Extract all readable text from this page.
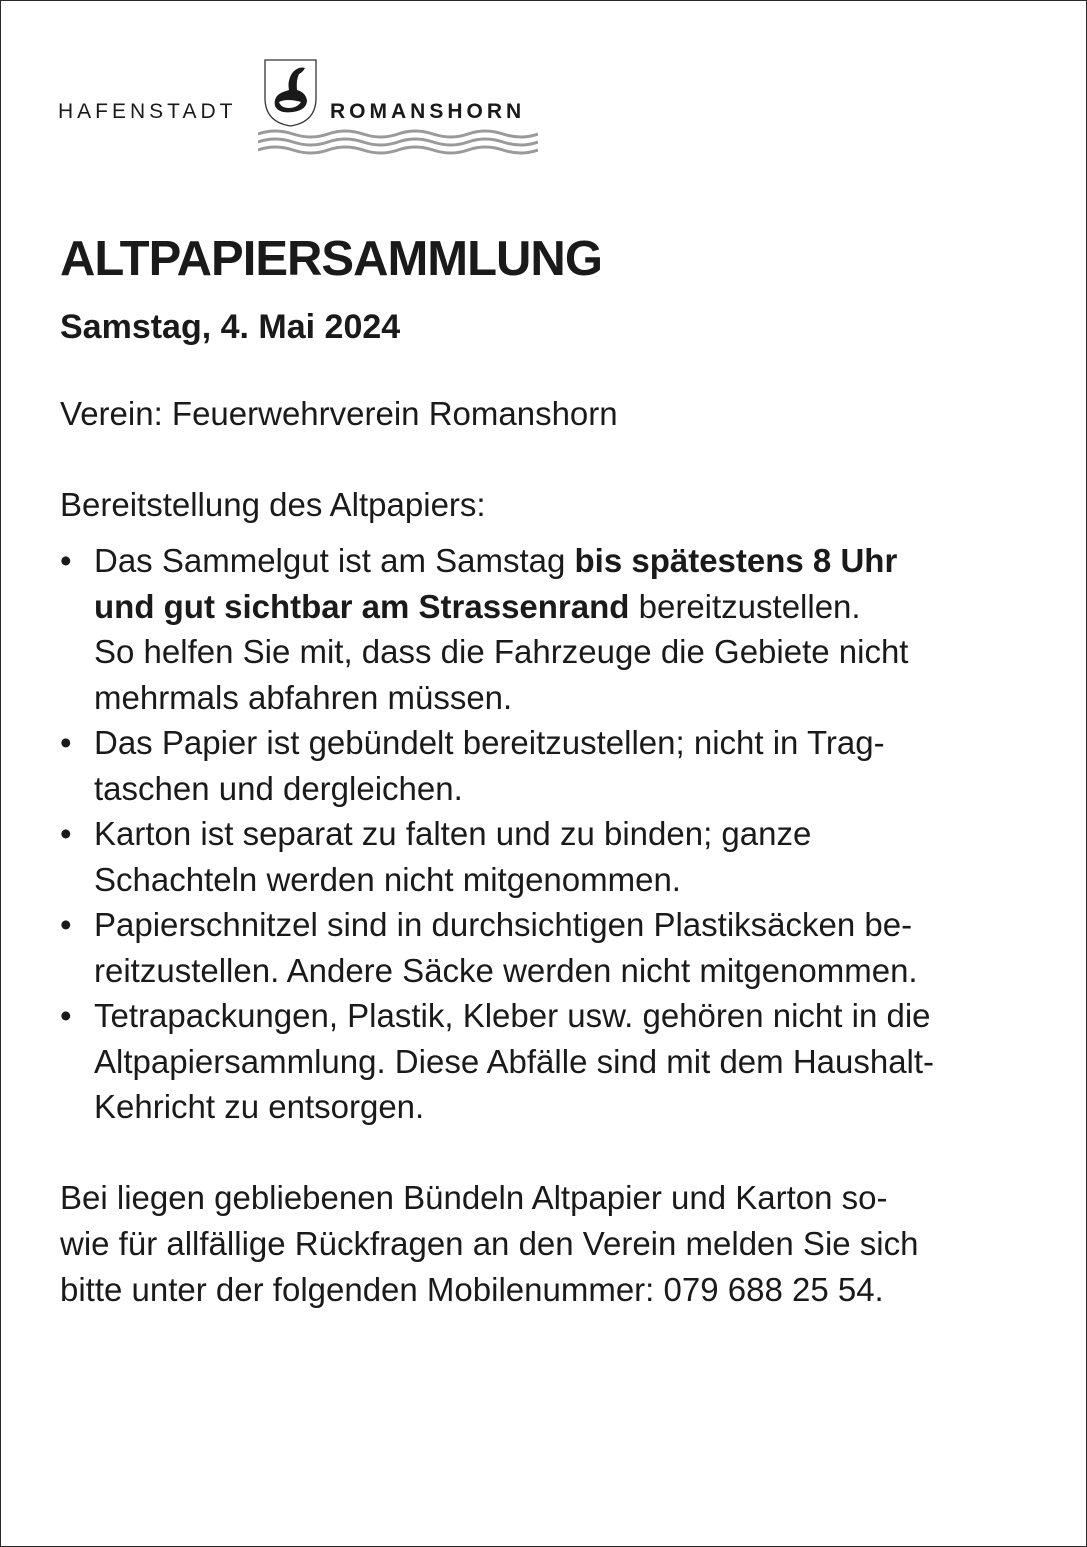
HAFENSTADT	ROMANSHORN
ALTPAPIERSAMMLUNG
Samstag, 4. Mai 2024

Verein: Feuerwehrverein Romanshorn

Bereitstellung des Altpapiers:

• Das Sammelgut ist am Samstag bis spätestens 8 Uhr
und gut sichtbar am Strassenrand bereitzustellen.
So helfen Sie mit, dass die Fahrzeuge die Gebiete nicht
mehrmals abfahren müssen.
• Das Papier ist gebündelt bereitzustellen; nicht in Trag-
taschen und dergleichen.
• Karton ist separat zu falten und zu binden; ganze
Schachteln werden nicht mitgenommen.
• Papierschnitzel sind in durchsichtigen Plastiksäcken be-
reitzustellen. Andere Säcke werden nicht mitgenommen.
• Tetrapackungen, Plastik, Kleber usw. gehören nicht in die
Altpapiersammlung. Diese Abfälle sind mit dem Haushalt-
Kehricht zu entsorgen.

Bei liegen gebliebenen Bündeln Altpapier und Karton so-
wie für allfällige Rückfragen an den Verein melden Sie sich
bitte unter der folgenden Mobilenummer: 079 688 25 54.
